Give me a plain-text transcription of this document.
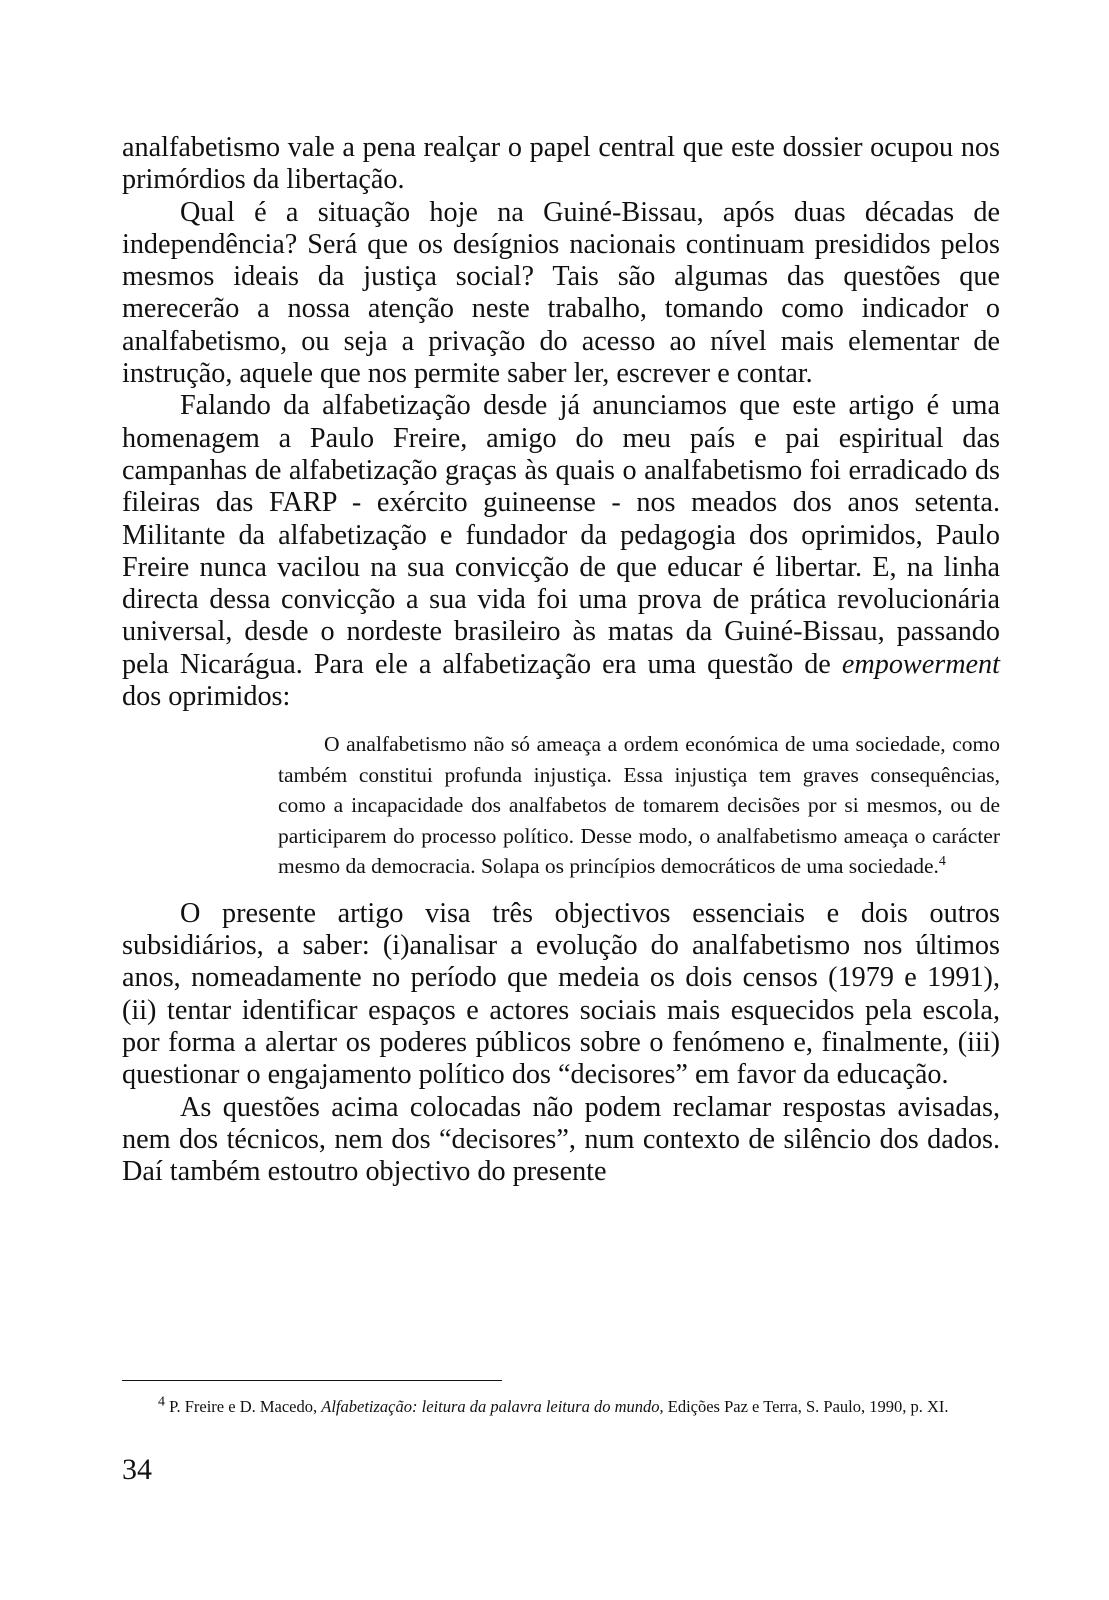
analfabetismo vale a pena realçar o papel central que este dossier ocupou nos primórdios da libertação.

Qual é a situação hoje na Guiné-Bissau, após duas décadas de independência? Será que os desígnios nacionais continuam presididos pelos mesmos ideais da justiça social? Tais são algumas das questões que merecerão a nossa atenção neste trabalho, tomando como indicador o analfabetismo, ou seja a privação do acesso ao nível mais elementar de instrução, aquele que nos permite saber ler, escrever e contar.

Falando da alfabetização desde já anunciamos que este artigo é uma homenagem a Paulo Freire, amigo do meu país e pai espiritual das campanhas de alfabetização graças às quais o analfabetismo foi erradicado ds fileiras das FARP - exército guineense - nos meados dos anos setenta. Militante da alfabetização e fundador da pedagogia dos oprimidos, Paulo Freire nunca vacilou na sua convicção de que educar é libertar. E, na linha directa dessa convicção a sua vida foi uma prova de prática revolucionária universal, desde o nordeste brasileiro às matas da Guiné-Bissau, passando pela Nicarágua. Para ele a alfabetização era uma questão de empowerment dos oprimidos:

O analfabetismo não só ameaça a ordem económica de uma sociedade, como também constitui profunda injustiça. Essa injustiça tem graves consequências, como a incapacidade dos analfabetos de tomarem decisões por si mesmos, ou de participarem do processo político. Desse modo, o analfabetismo ameaça o carácter mesmo da democracia. Solapa os princípios democráticos de uma sociedade.$^4$

O presente artigo visa três objectivos essenciais e dois outros subsidiários, a saber: (i)analisar a evolução do analfabetismo nos últimos anos, nomeadamente no período que medeia os dois censos (1979 e 1991), (ii) tentar identificar espaços e actores sociais mais esquecidos pela escola, por forma a alertar os poderes públicos sobre o fenómeno e, finalmente, (iii) questionar o engajamento político dos “decisores” em favor da educação.

As questões acima colocadas não podem reclamar respostas avisadas, nem dos técnicos, nem dos “decisores”, num contexto de silêncio dos dados. Daí também estoutro objectivo do presente

$^4$ P. Freire e D. Macedo, Alfabetização: leitura da palavra leitura do mundo, Edições Paz e Terra, S. Paulo, 1990, p. XI.
34
